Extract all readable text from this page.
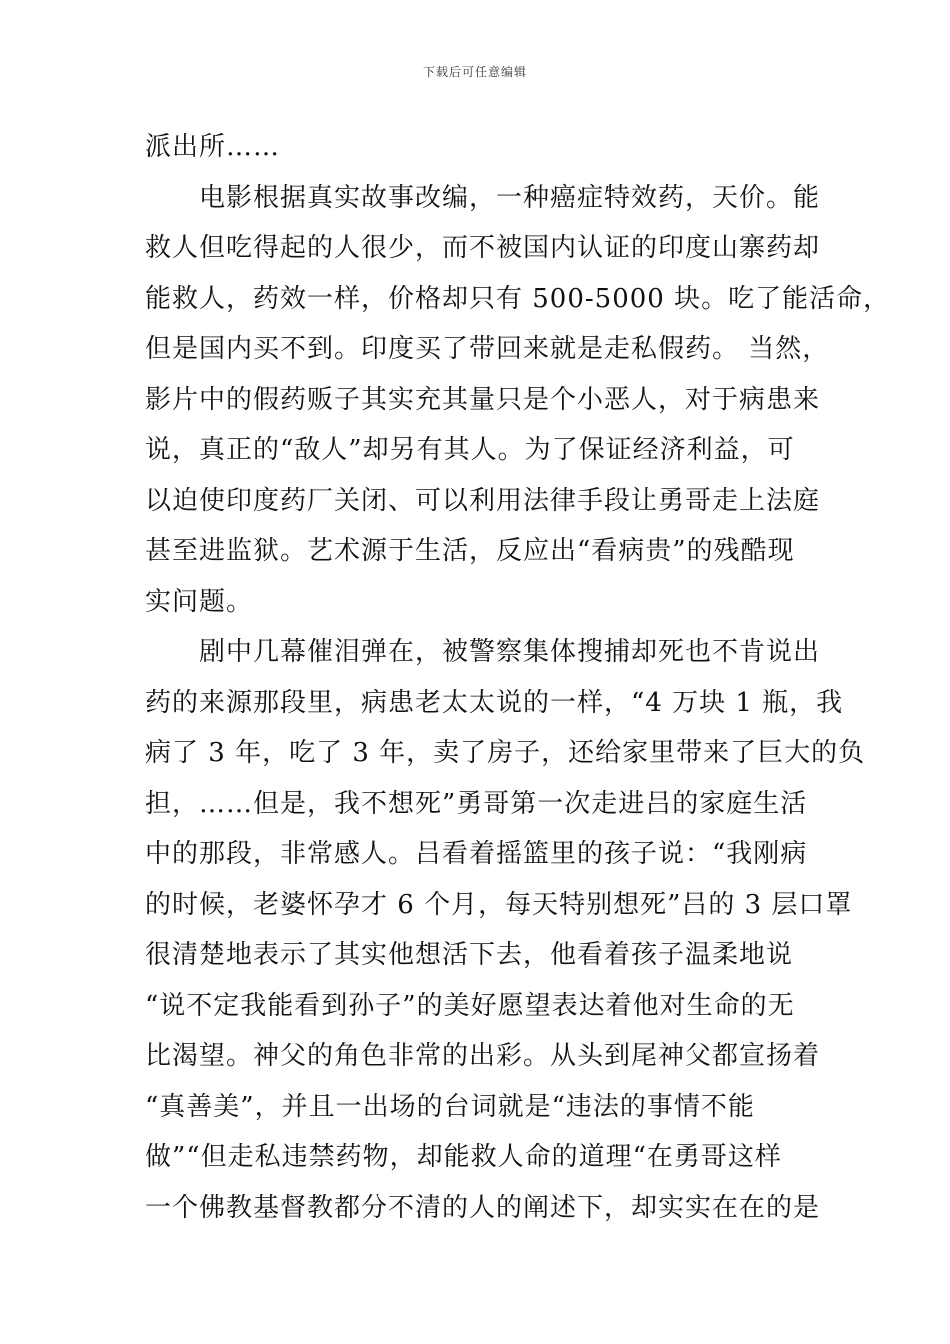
下载后可任意编辑
派出所……
电影根据真实故事改编，一种癌症特效药，天价。能
救人但吃得起的人很少，而不被国内认证的印度山寨药却
能救人，药效一样，价格却只有 500-5000 块。吃了能活命，
但是国内买不到。印度买了带回来就是走私假药。 当然，
影片中的假药贩子其实充其量只是个小恶人，对于病患来
说，真正的“敌人”却另有其人。为了保证经济利益，可
以迫使印度药厂关闭、可以利用法律手段让勇哥走上法庭
甚至进监狱。艺术源于生活，反应出“看病贵”的残酷现
实问题。
剧中几幕催泪弹在，被警察集体搜捕却死也不肯说出
药的来源那段里，病患老太太说的一样，“4 万块 1 瓶，我
病了 3 年，吃了 3 年，卖了房子，还给家里带来了巨大的负
担，……但是，我不想死”勇哥第一次走进吕的家庭生活
中的那段，非常感人。吕看着摇篮里的孩子说：“我刚病
的时候，老婆怀孕才 6 个月，每天特别想死”吕的 3 层口罩
很清楚地表示了其实他想活下去，他看着孩子温柔地说
“说不定我能看到孙子”的美好愿望表达着他对生命的无
比渴望。神父的角色非常的出彩。从头到尾神父都宣扬着
“真善美”，并且一出场的台词就是“违法的事情不能
做”“但走私违禁药物，却能救人命的道理“在勇哥这样
一个佛教基督教都分不清的人的阐述下，却实实在在的是
